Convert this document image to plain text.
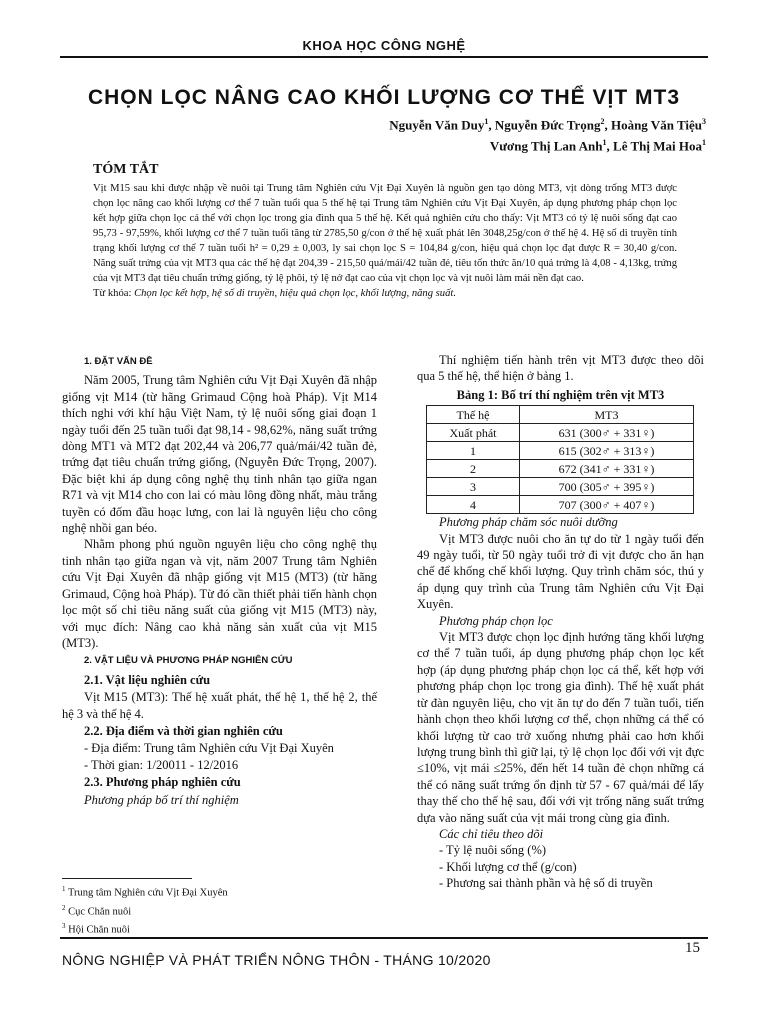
KHOA HỌC CÔNG NGHỆ
CHỌN LỌC NÂNG CAO KHỐI LƯỢNG CƠ THỂ VỊT MT3
Nguyễn Văn Duy$^1$, Nguyễn Đức Trọng$^2$, Hoàng Văn Tiệu$^3$
Vương Thị Lan Anh$^1$, Lê Thị Mai Hoa$^1$
TÓM TẮT

Vịt M15 sau khi được nhập về nuôi tại Trung tâm Nghiên cứu Vịt Đại Xuyên là nguồn gen tạo dòng MT3, vịt dòng trống MT3 được chọn lọc nâng cao khối lượng cơ thể 7 tuần tuổi qua 5 thế hệ tại Trung tâm Nghiên cứu Vịt Đại Xuyên, áp dụng phương pháp chọn lọc kết hợp giữa chọn lọc cá thể với chọn lọc trong gia đình qua 5 thế hệ. Kết quả nghiên cứu cho thấy: Vịt MT3 có tỷ lệ nuôi sống đạt cao 95,73 - 97,59%, khối lượng cơ thể 7 tuần tuổi tăng từ 2785,50 g/con ở thế hệ xuất phát lên 3048,25g/con ở thế hệ 4. Hệ số di truyền tính trạng khối lượng cơ thể 7 tuần tuổi h² = 0,29 ± 0,003, ly sai chọn lọc S = 104,84 g/con, hiệu quả chọn lọc đạt được R = 30,40 g/con. Năng suất trứng của vịt MT3 qua các thế hệ đạt 204,39 - 215,50 quả/mái/42 tuần đẻ, tiêu tốn thức ăn/10 quả trứng là 4,08 - 4,13kg, trứng của vịt MT3 đạt tiêu chuẩn trứng giống, tỷ lệ phôi, tỷ lệ nở đạt cao của vịt chọn lọc và vịt nuôi làm mái nền đạt cao.

Từ khóa: Chọn lọc kết hợp, hệ số di truyền, hiệu quả chọn lọc, khối lượng, năng suất.

1. ĐẶT VẤN ĐỀ

Năm 2005, Trung tâm Nghiên cứu Vịt Đại Xuyên đã nhập giống vịt M14 (từ hãng Grimaud Cộng hoà Pháp). Vịt M14 thích nghi với khí hậu Việt Nam, tỷ lệ nuôi sống giai đoạn 1 ngày tuổi đến 25 tuần tuổi đạt 98,14 - 98,62%, năng suất trứng dòng MT1 và MT2 đạt 202,44 và 206,77 quả/mái/42 tuần đẻ, trứng đạt tiêu chuẩn trứng giống, (Nguyễn Đức Trọng, 2007). Đặc biệt khi áp dụng công nghệ thụ tinh nhân tạo giữa ngan R71 và vịt M14 cho con lai có màu lông đồng nhất, màu trắng tuyền có đốm đầu hoạc lưng, con lai là nguyên liệu cho công nghệ nhồi gan béo.

Nhằm phong phú nguồn nguyên liệu cho công nghệ thụ tinh nhân tạo giữa ngan và vịt, năm 2007 Trung tâm Nghiên cứu Vịt Đại Xuyên đã nhập giống vịt M15 (MT3) (từ hãng Grimaud, Cộng hoà Pháp). Từ đó cần thiết phải tiến hành chọn lọc một số chỉ tiêu năng suất của giống vịt M15 (MT3) này, với mục đích: Nâng cao khả năng sản xuất của vịt M15 (MT3).

2. VẬT LIỆU VÀ PHƯƠNG PHÁP NGHIÊN CỨU

2.1. Vật liệu nghiên cứu

Vịt M15 (MT3): Thế hệ xuất phát, thế hệ 1, thế hệ 2, thế hệ 3 và thế hệ 4.

2.2. Địa điểm và thời gian nghiên cứu

- Địa điểm: Trung tâm Nghiên cứu Vịt Đại Xuyên

- Thời gian: 1/20011 - 12/2016

2.3. Phương pháp nghiên cứu

Phương pháp bố trí thí nghiệm

Thí nghiệm tiến hành trên vịt MT3 được theo dõi qua 5 thế hệ, thể hiện ở bảng 1.

Bảng 1: Bố trí thí nghiệm trên vịt MT3

Thế hệ	MT3
Xuất phát	631 (300♂ + 331♀)
1	615 (302♂ + 313♀)
2	672 (341♂ + 331♀)
3	700 (305♂ + 395♀)
4	707 (300♂ + 407♀)

Phương pháp chăm sóc nuôi dưỡng

Vịt MT3 được nuôi cho ăn tự do từ 1 ngày tuổi đến 49 ngày tuổi, từ 50 ngày tuổi trở đi vịt được cho ăn hạn chế để khống chế khối lượng. Quy trình chăm sóc, thú y áp dụng quy trình của Trung tâm Nghiên cứu Vịt Đại Xuyên.

Phương pháp chọn lọc

Vịt MT3 được chọn lọc định hướng tăng khối lượng cơ thể 7 tuần tuổi, áp dụng phương pháp chọn lọc kết hợp (áp dụng phương pháp chọn lọc cá thể, kết hợp với phương pháp chọn lọc trong gia đình). Thế hệ xuất phát từ đàn nguyên liệu, cho vịt ăn tự do đến 7 tuần tuổi, tiến hành chọn theo khối lượng cơ thể, chọn những cá thể có khối lượng từ cao trở xuống nhưng phải cao hơn khối lượng trung bình thì giữ lại, tỷ lệ chọn lọc đối với vịt đực ≤10%, vịt mái ≤25%, đến hết 14 tuần đẻ chọn những cá thể có năng suất trứng ổn định từ 57 - 67 quả/mái để lấy thay thế cho thế hệ sau, đối với vịt trống năng suất trứng dựa vào năng suất của vịt mái trong cùng gia đình.

Các chỉ tiêu theo dõi

- Tỷ lệ nuôi sống (%)

- Khối lượng cơ thể (g/con)

- Phương sai thành phần và hệ số di truyền

$^1$ Trung tâm Nghiên cứu Vịt Đại Xuyên
$^2$ Cục Chăn nuôi
$^3$ Hội Chăn nuôi
NÔNG NGHIỆP VÀ PHÁT TRIỂN NÔNG THÔN - THÁNG 10/2020
15
